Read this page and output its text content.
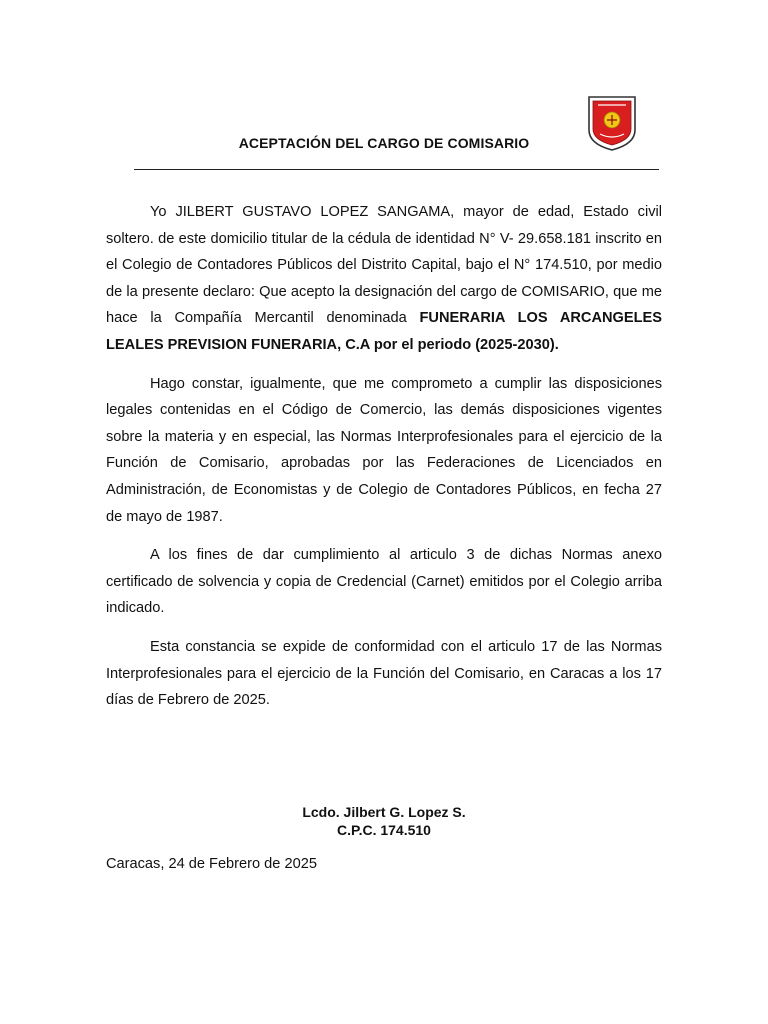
ACEPTACIÓN DEL CARGO DE COMISARIO

Yo JILBERT GUSTAVO LOPEZ SANGAMA, mayor de edad, Estado civil soltero. de este domicilio titular de la cédula de identidad N° V- 29.658.181 inscrito en el Colegio de Contadores Públicos del Distrito Capital, bajo el N° 174.510, por medio de la presente declaro: Que acepto la designación del cargo de COMISARIO, que me hace la Compañía Mercantil denominada FUNERARIA LOS ARCANGELES LEALES PREVISION FUNERARIA, C.A por el periodo (2025-2030).

Hago constar, igualmente, que me comprometo a cumplir las disposiciones legales contenidas en el Código de Comercio, las demás disposiciones vigentes sobre la materia y en especial, las Normas Interprofesionales para el ejercicio de la Función de Comisario, aprobadas por las Federaciones de Licenciados en Administración, de Economistas y de Colegio de Contadores Públicos, en fecha 27 de mayo de 1987.

A los fines de dar cumplimiento al articulo 3 de dichas Normas anexo certificado de solvencia y copia de Credencial (Carnet) emitidos por el Colegio arriba indicado.

Esta constancia se expide de conformidad con el articulo 17 de las Normas Interprofesionales para el ejercicio de la Función del Comisario, en Caracas a los 17 días de Febrero de 2025.

Lcdo. Jilbert G. Lopez S.
C.P.C. 174.510
Caracas, 24 de Febrero de 2025
